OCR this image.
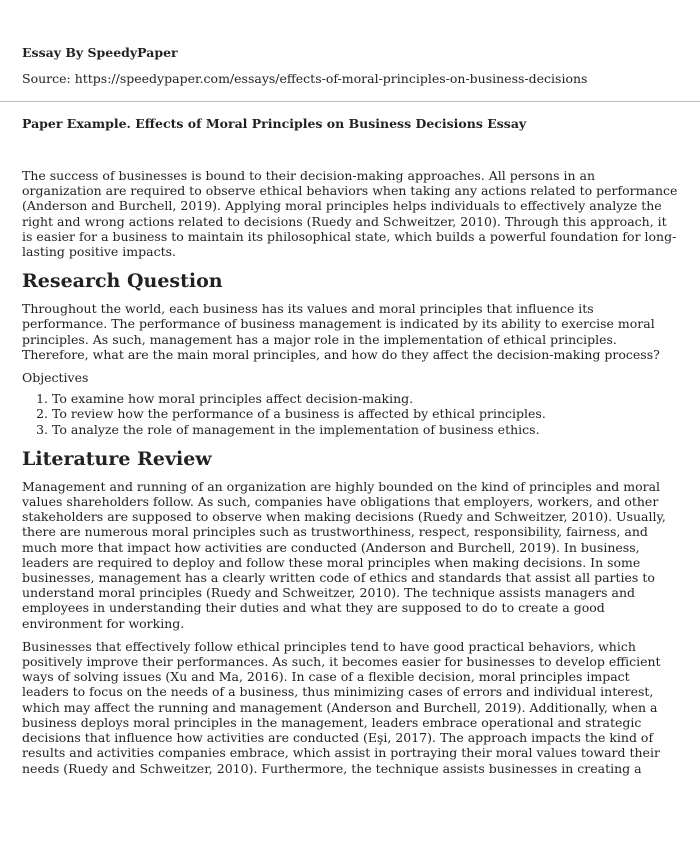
Essay By SpeedyPaper
Source: https://speedypaper.com/essays/effects-of-moral-principles-on-business-decisions
Paper Example. Effects of Moral Principles on Business Decisions Essay

The success of businesses is bound to their decision-making approaches. All persons in an organization are required to observe ethical behaviors when taking any actions related to performance (Anderson and Burchell, 2019). Applying moral principles helps individuals to effectively analyze the right and wrong actions related to decisions (Ruedy and Schweitzer, 2010). Through this approach, it is easier for a business to maintain its philosophical state, which builds a powerful foundation for long-lasting positive impacts.

Research Question

Throughout the world, each business has its values and moral principles that influence its performance. The performance of business management is indicated by its ability to exercise moral principles. As such, management has a major role in the implementation of ethical principles. Therefore, what are the main moral principles, and how do they affect the decision-making process?

Objectives

1. To examine how moral principles affect decision-making.
2. To review how the performance of a business is affected by ethical principles.
3. To analyze the role of management in the implementation of business ethics.
Literature Review

Management and running of an organization are highly bounded on the kind of principles and moral values shareholders follow. As such, companies have obligations that employers, workers, and other stakeholders are supposed to observe when making decisions (Ruedy and Schweitzer, 2010). Usually, there are numerous moral principles such as trustworthiness, respect, responsibility, fairness, and much more that impact how activities are conducted (Anderson and Burchell, 2019). In business, leaders are required to deploy and follow these moral principles when making decisions. In some businesses, management has a clearly written code of ethics and standards that assist all parties to understand moral principles (Ruedy and Schweitzer, 2010). The technique assists managers and employees in understanding their duties and what they are supposed to do to create a good environment for working.

Businesses that effectively follow ethical principles tend to have good practical behaviors, which positively improve their performances. As such, it becomes easier for businesses to develop efficient ways of solving issues (Xu and Ma, 2016). In case of a flexible decision, moral principles impact leaders to focus on the needs of a business, thus minimizing cases of errors and individual interest, which may affect the running and management (Anderson and Burchell, 2019). Additionally, when a business deploys moral principles in the management, leaders embrace operational and strategic decisions that influence how activities are conducted (Eşi, 2017). The approach impacts the kind of results and activities companies embrace, which assist in portraying their moral values toward their needs (Ruedy and Schweitzer, 2010). Furthermore, the technique assists businesses in creating a
